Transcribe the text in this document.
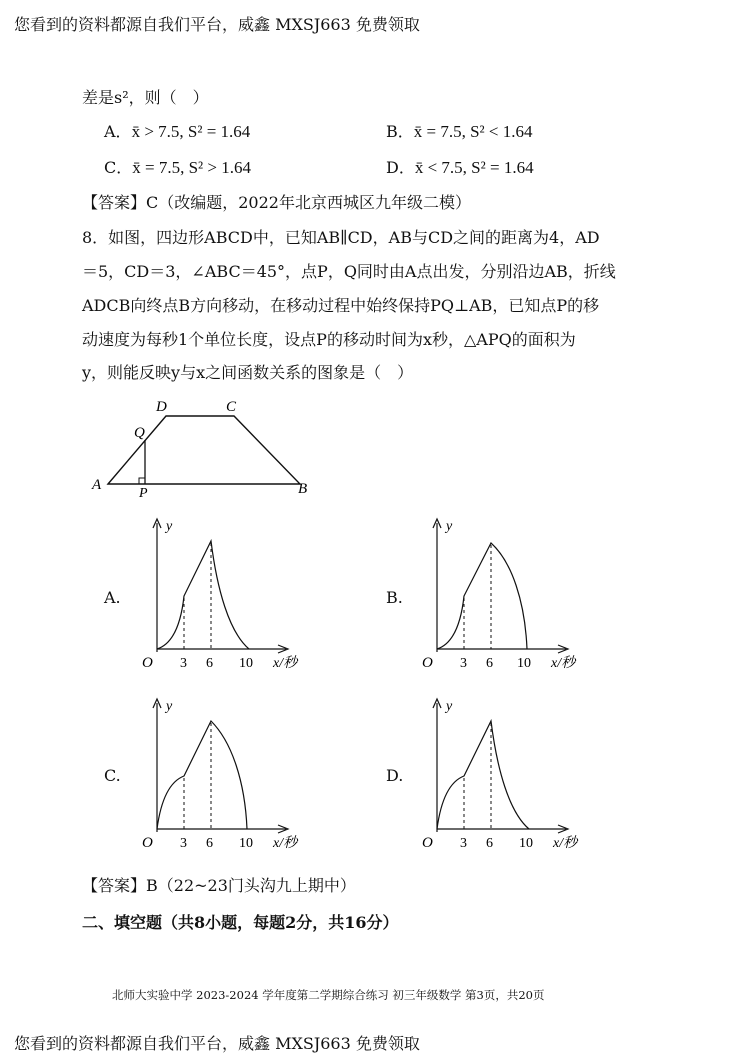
您看到的资料都源自我们平台，威鑫 MXSJ663 免费领取
差是s²，则（　）
A．x̄ > 7.5, S² = 1.64	B．x̄ = 7.5, S² < 1.64
C．x̄ = 7.5, S² > 1.64	D．x̄ < 7.5, S² = 1.64
【答案】C（改编题，2022年北京西城区九年级二模）
8．如图，四边形ABCD中，已知AB∥CD，AB与CD之间的距离为4，AD
＝5，CD＝3，∠ABC＝45°，点P，Q同时由A点出发，分别沿边AB，折线
ADCB向终点B方向移动，在移动过程中始终保持PQ⊥AB，已知点P的移
动速度为每秒1个单位长度，设点P的移动时间为x秒，△APQ的面积为
y，则能反映y与x之间函数关系的图象是（　）
A	B
C
D
P
Q
A.
y
O 3 6 10 x/秒
B.
y
O 3 6 10 x/秒
C.
y
O 3 6 10 x/秒
D.
y
O 3 6 10 x/秒
【答案】B（22~23门头沟九上期中）
二、填空题（共8小题，每题2分，共16分）
北师大实验中学 2023-2024 学年度第二学期综合练习 初三年级数学 第3页，共20页
您看到的资料都源自我们平台，威鑫 MXSJ663 免费领取
